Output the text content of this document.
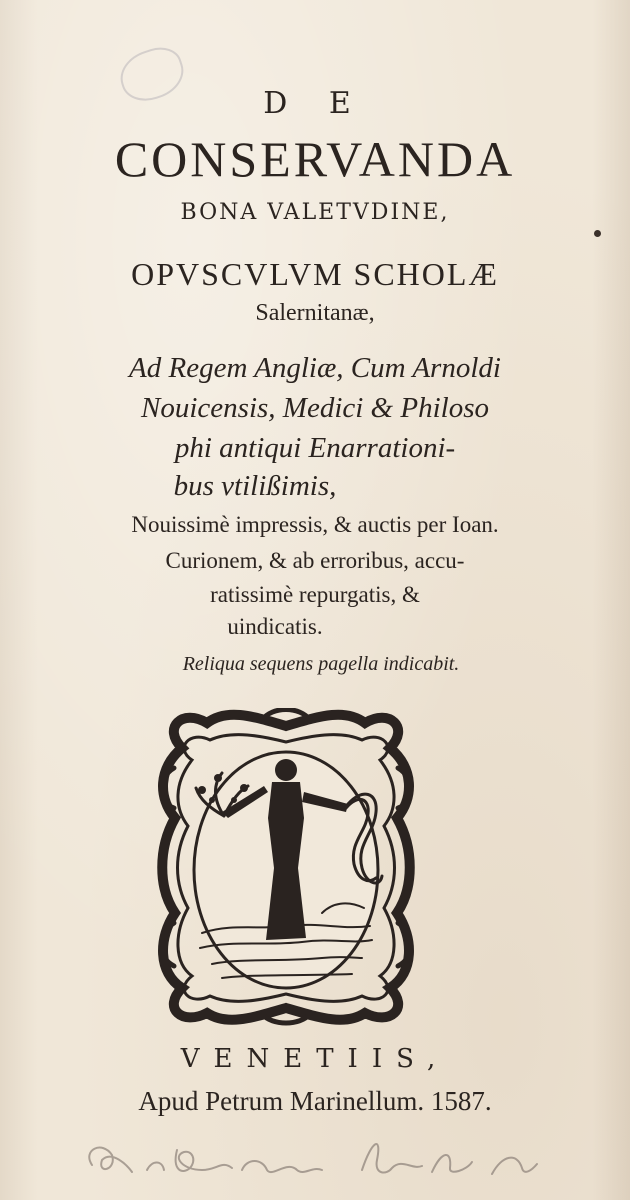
D E
CONSERVANDA
BONA VALETVDINE,
OPVSCVLVM SCHOLÆ
Salernitanæ,
Ad Regem Angliæ, Cum Arnoldi
Nouicensis, Medici & Philoso
phi antiqui Enarrationi-
bus vtilißimis,
Nouissimè impressis, & auctis per Ioan.
Curionem, & ab erroribus, accu-
ratissimè repurgatis, &
uindicatis.
Reliqua sequens pagella indicabit.
VENETIIS,
Apud Petrum Marinellum. 1587.
